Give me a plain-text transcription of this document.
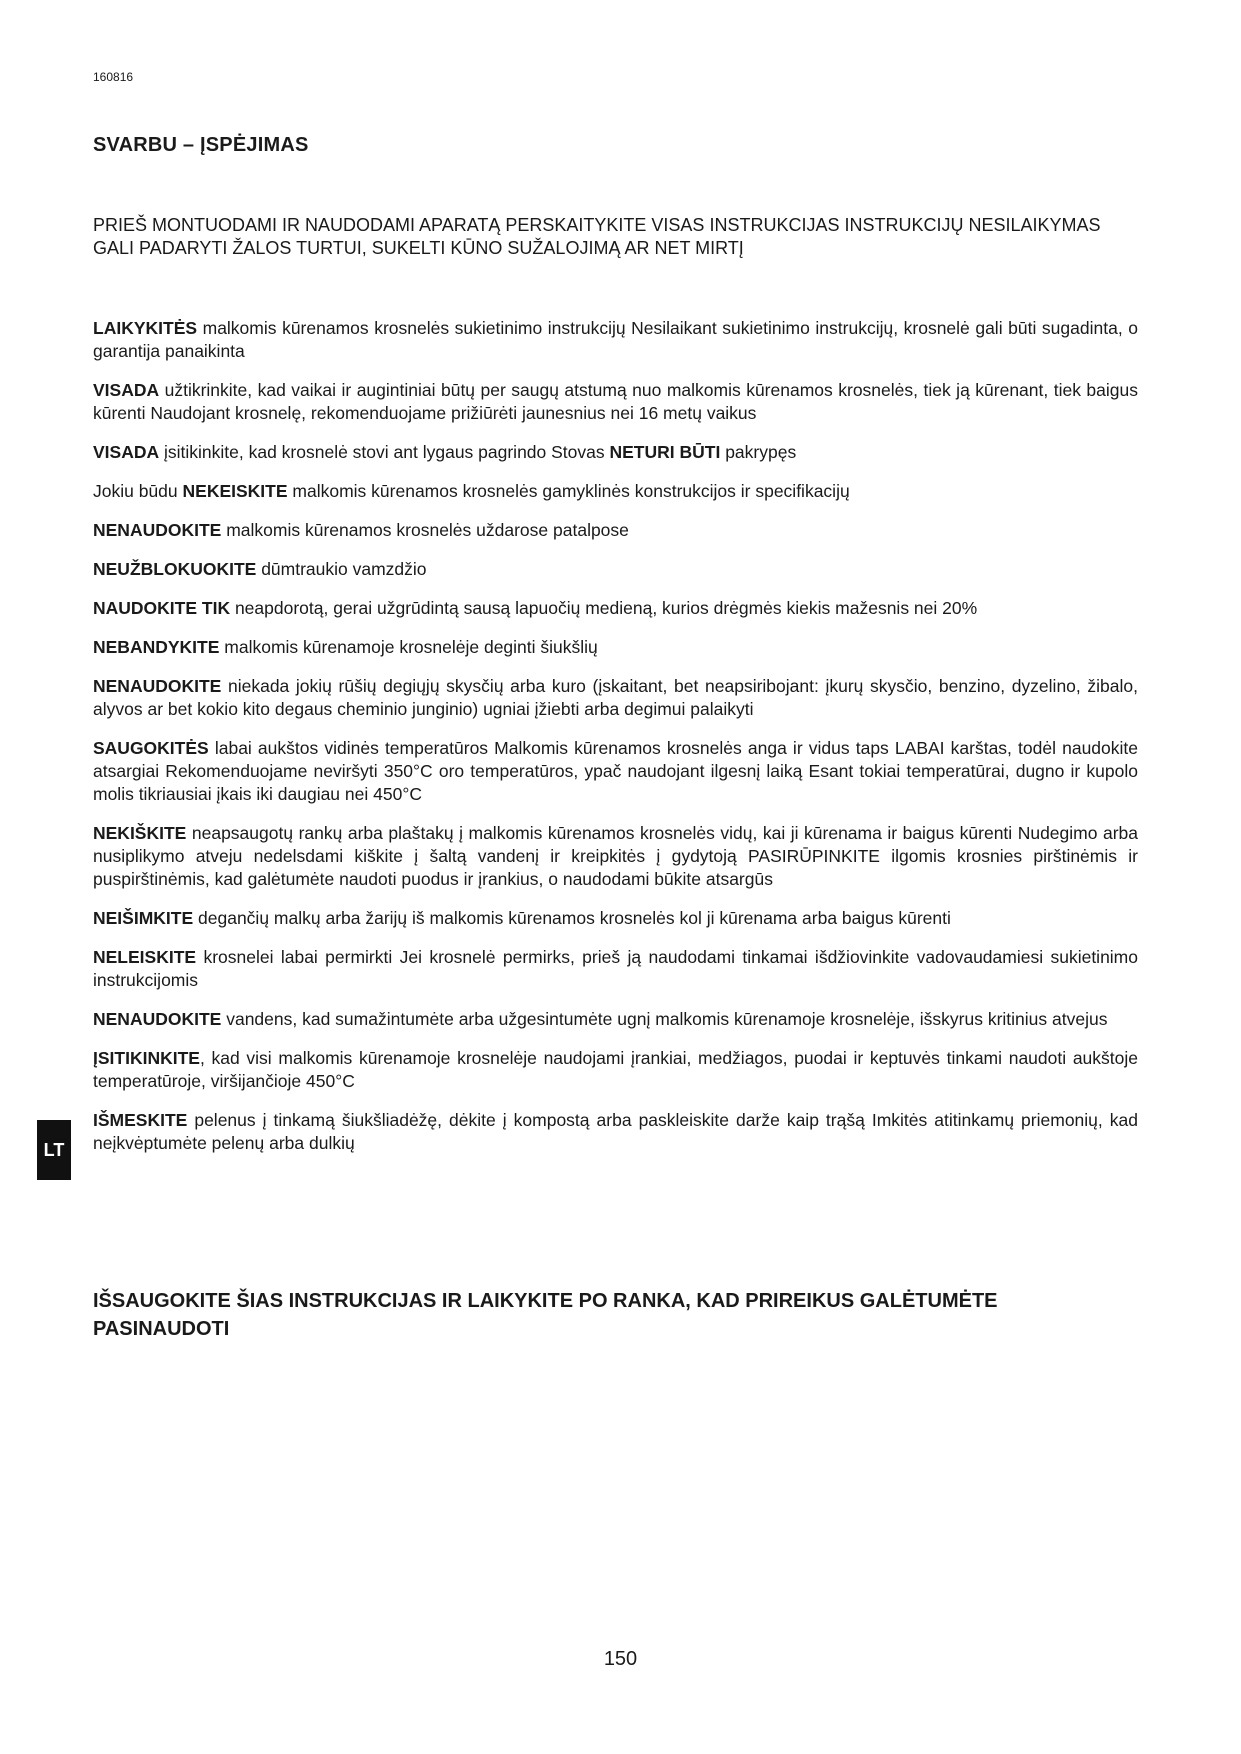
160816
SVARBU – ĮSPĖJIMAS

PRIEŠ MONTUODAMI IR NAUDODAMI APARATĄ PERSKAITYKITE VISAS INSTRUKCIJAS INSTRUKCIJŲ NESILAIKYMAS GALI PADARYTI ŽALOS TURTUI, SUKELTI KŪNO SUŽALOJIMĄ AR NET MIRTĮ

LAIKYKITĖS malkomis kūrenamos krosnelės sukietinimo instrukcijų Nesilaikant sukietinimo instrukcijų, krosnelė gali būti sugadinta, o garantija panaikinta
VISADA užtikrinkite, kad vaikai ir augintiniai būtų per saugų atstumą nuo malkomis kūrenamos krosnelės, tiek ją kūrenant, tiek baigus kūrenti Naudojant krosnelę, rekomenduojame prižiūrėti jaunesnius nei 16 metų vaikus
VISADA įsitikinkite, kad krosnelė stovi ant lygaus pagrindo Stovas NETURI BŪTI pakrypęs
Jokiu būdu NEKEISKITE malkomis kūrenamos krosnelės gamyklinės konstrukcijos ir specifikacijų
NENAUDOKITE malkomis kūrenamos krosnelės uždarose patalpose
NEUŽBLOKUOKITE dūmtraukio vamzdžio
NAUDOKITE TIK neapdorotą, gerai užgrūdintą sausą lapuočių medieną, kurios drėgmės kiekis mažesnis nei 20%
NEBANDYKITE malkomis kūrenamoje krosnelėje deginti šiukšlių
NENAUDOKITE niekada jokių rūšių degiųjų skysčių arba kuro (įskaitant, bet neapsiribojant: įkurų skysčio, benzino, dyzelino, žibalo, alyvos ar bet kokio kito degaus cheminio junginio) ugniai įžiebti arba degimui palaikyti
SAUGOKITĖS labai aukštos vidinės temperatūros Malkomis kūrenamos krosnelės anga ir vidus taps LABAI karštas, todėl naudokite atsargiai Rekomenduojame neviršyti 350°C oro temperatūros, ypač naudojant ilgesnį laiką Esant tokiai temperatūrai, dugno ir kupolo molis tikriausiai įkais iki daugiau nei 450°C
NEKIŠKITE neapsaugotų rankų arba plaštakų į malkomis kūrenamos krosnelės vidų, kai ji kūrenama ir baigus kūrenti Nudegimo arba nusiplikymo atveju nedelsdami kiškite į šaltą vandenį ir kreipkitės į gydytoją PASIRŪPINKITE ilgomis krosnies pirštinėmis ir puspirštinėmis, kad galėtumėte naudoti puodus ir įrankius, o naudodami būkite atsargūs
NEIŠIMKITE degančių malkų arba žarijų iš malkomis kūrenamos krosnelės kol ji kūrenama arba baigus kūrenti
NELEISKITE krosnelei labai permirkti Jei krosnelė permirks, prieš ją naudodami tinkamai išdžiovinkite vadovaudamiesi sukietinimo instrukcijomis
NENAUDOKITE vandens, kad sumažintumėte arba užgesintumėte ugnį malkomis kūrenamoje krosnelėje, išskyrus kritinius atvejus
ĮSITIKINKITE, kad visi malkomis kūrenamoje krosnelėje naudojami įrankiai, medžiagos, puodai ir keptuvės tinkami naudoti aukštoje temperatūroje, viršijančioje 450°C
IŠMESKITE pelenus į tinkamą šiukšliadėžę, dėkite į kompostą arba paskleiskite darže kaip trąšą Imkitės atitinkamų priemonių, kad neįkvėptumėte pelenų arba dulkių
IŠSAUGOKITE ŠIAS INSTRUKCIJAS IR LAIKYKITE PO RANKA, KAD PRIREIKUS GALĖTUMĖTE PASINAUDOTI
LT
150
